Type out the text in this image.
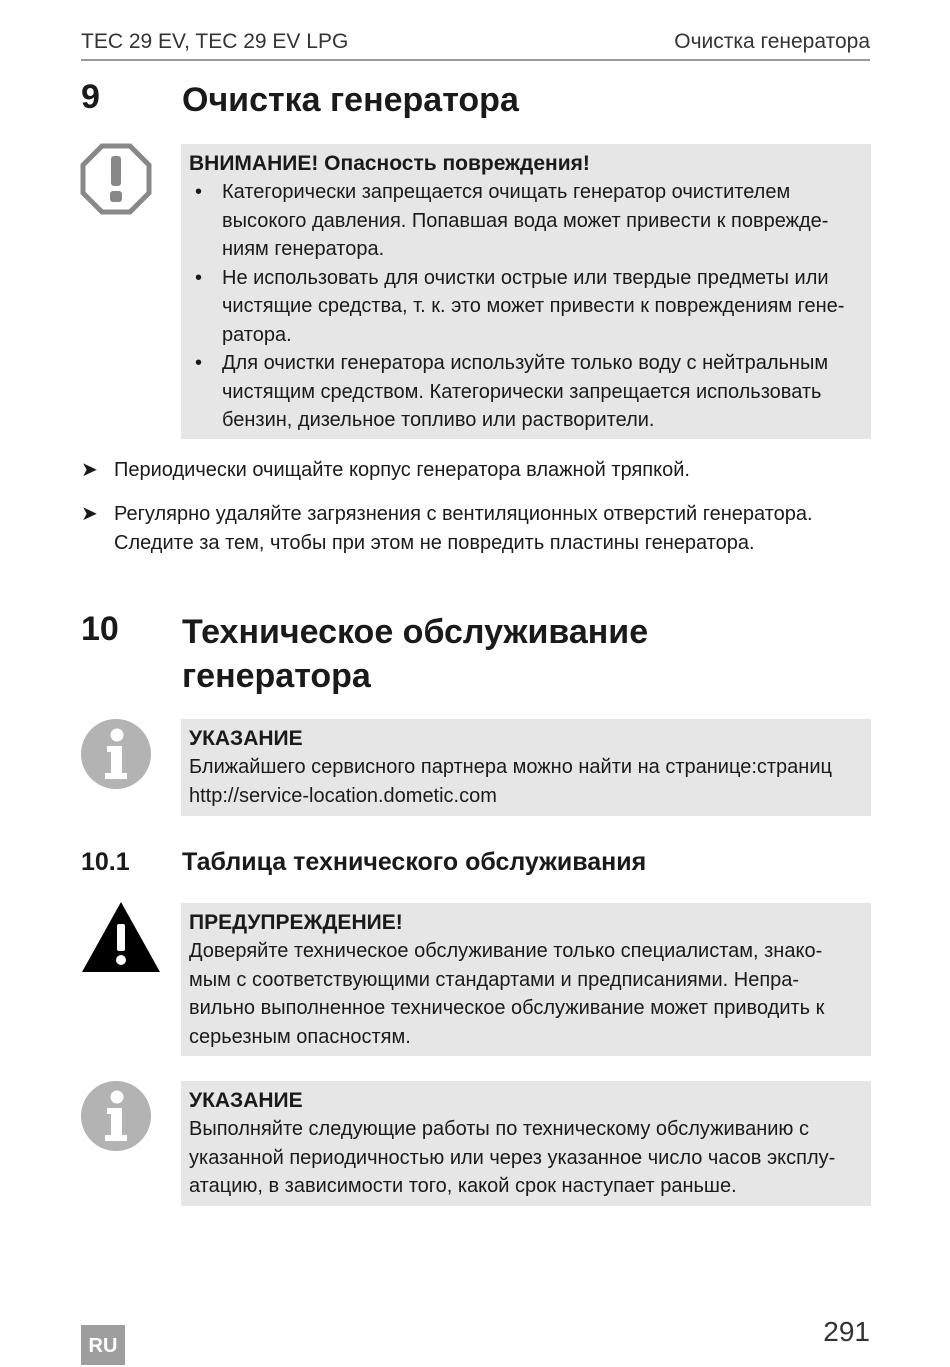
TEC 29 EV, TEC 29 EV LPG	Очистка генератора
9 Очистка генератора
ВНИМАНИЕ! Опасность повреждения!
• Категорически запрещается очищать генератор очистителем
высокого давления. Попавшая вода может привести к поврежде-
ниям генератора.
• Не использовать для очистки острые или твердые предметы или
чистящие средства, т. к. это может привести к повреждениям гене-
ратора.
• Для очистки генератора используйте только воду с нейтральным
чистящим средством. Категорически запрещается использовать
бензин, дизельное топливо или растворители.
➤ Периодически очищайте корпус генератора влажной тряпкой.
➤ Регулярно удаляйте загрязнения с вентиляционных отверстий генератора.
Следите за тем, чтобы при этом не повредить пластины генератора.
10 Техническое обслуживание
генератора
УКАЗАНИЕ
Ближайшего сервисного партнера можно найти на странице:страниц
http://service-location.dometic.com
10.1 Таблица технического обслуживания
ПРЕДУПРЕЖДЕНИЕ!
Доверяйте техническое обслуживание только специалистам, знако-
мым с соответствующими стандартами и предписаниями. Непра-
вильно выполненное техническое обслуживание может приводить к
серьезным опасностям.
УКАЗАНИЕ
Выполняйте следующие работы по техническому обслуживанию с
указанной периодичностью или через указанное число часов эксплу-
атацию, в зависимости того, какой срок наступает раньше.
RU	291
